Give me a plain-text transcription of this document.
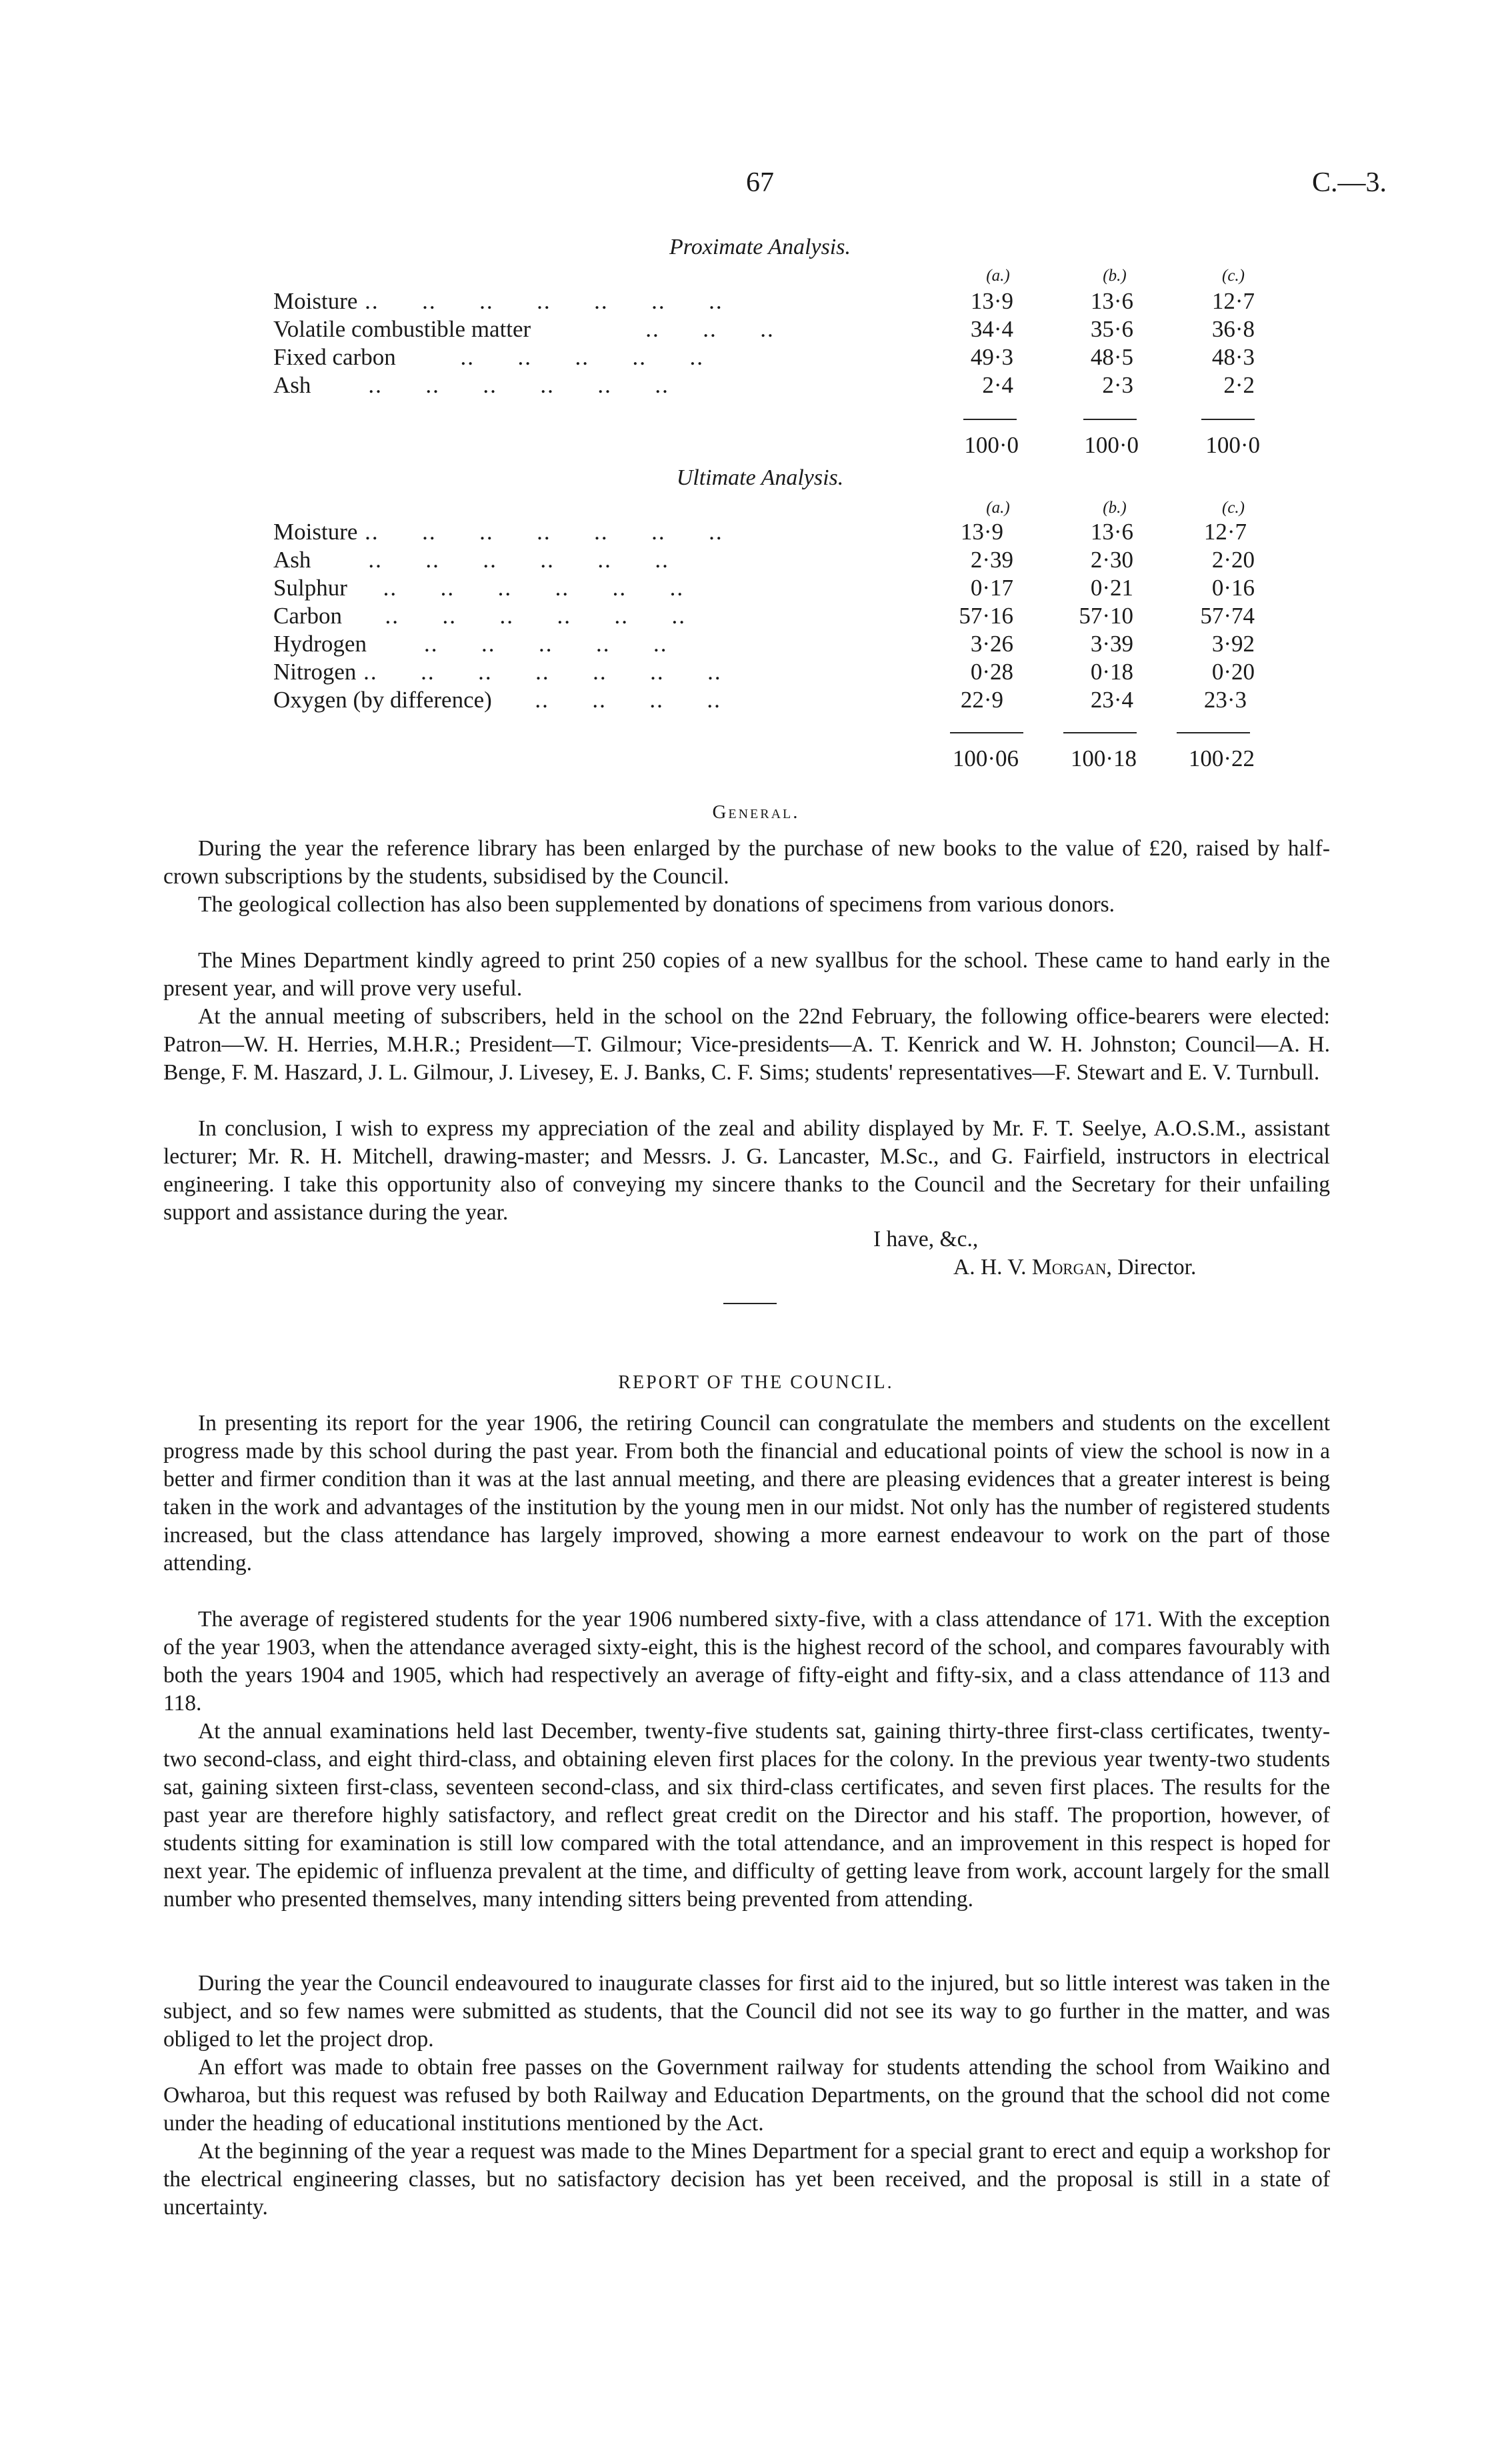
67	C.—3.
Proximate Analysis.
(a.)	(b.)	(c.)
Moisture ..      ..      ..      ..      ..      ..      ..	13·9	13·6	12·7
Volatile combustible matter                ..      ..      ..	34·4	35·6	36·8
Fixed carbon         ..      ..      ..      ..      ..	49·3	48·5	48·3
Ash        ..      ..      ..      ..      ..      ..	2·4	2·3	2·2
100·0	100·0	100·0
Ultimate Analysis.
(a.)	(b.)	(c.)
Moisture ..      ..      ..      ..      ..      ..      ..	13·9	13·6	12·7
Ash        ..      ..      ..      ..      ..      ..	2·39	2·30	2·20
Sulphur     ..      ..      ..      ..      ..      ..	0·17	0·21	0·16
Carbon      ..      ..      ..      ..      ..      ..	57·16	57·10	57·74
Hydrogen        ..      ..      ..      ..      ..	3·26	3·39	3·92
Nitrogen ..      ..      ..      ..      ..      ..      ..	0·28	0·18	0·20
Oxygen (by difference)      ..      ..      ..      ..	22·9	23·4	23·3
100·06	100·18	100·22
General.

During the year the reference library has been enlarged by the purchase of new books to the value of £20, raised by half-crown subscriptions by the students, subsidised by the Council.

The geological collection has also been supplemented by donations of specimens from various donors.

The Mines Department kindly agreed to print 250 copies of a new syallbus for the school. These came to hand early in the present year, and will prove very useful.

At the annual meeting of subscribers, held in the school on the 22nd February, the following office-bearers were elected: Patron—W. H. Herries, M.H.R.; President—T. Gilmour; Vice-presidents—A. T. Kenrick and W. H. Johnston; Council—A. H. Benge, F. M. Haszard, J. L. Gilmour, J. Livesey, E. J. Banks, C. F. Sims; students' representatives—F. Stewart and E. V. Turnbull.

In conclusion, I wish to express my appreciation of the zeal and ability displayed by Mr. F. T. Seelye, A.O.S.M., assistant lecturer; Mr. R. H. Mitchell, drawing-master; and Messrs. J. G. Lancaster, M.Sc., and G. Fairfield, instructors in electrical engineering. I take this opportunity also of conveying my sincere thanks to the Council and the Secretary for their unfailing support and assistance during the year.

I have, &c.,
A. H. V. Morgan, Director.
REPORT OF THE COUNCIL.

In presenting its report for the year 1906, the retiring Council can congratulate the members and students on the excellent progress made by this school during the past year. From both the financial and educational points of view the school is now in a better and firmer condition than it was at the last annual meeting, and there are pleasing evidences that a greater interest is being taken in the work and advantages of the institution by the young men in our midst. Not only has the number of registered students increased, but the class attendance has largely improved, showing a more earnest endeavour to work on the part of those attending.

The average of registered students for the year 1906 numbered sixty-five, with a class attendance of 171. With the exception of the year 1903, when the attendance averaged sixty-eight, this is the highest record of the school, and compares favourably with both the years 1904 and 1905, which had respectively an average of fifty-eight and fifty-six, and a class attendance of 113 and 118.

At the annual examinations held last December, twenty-five students sat, gaining thirty-three first-class certificates, twenty-two second-class, and eight third-class, and obtaining eleven first places for the colony. In the previous year twenty-two students sat, gaining sixteen first-class, seventeen second-class, and six third-class certificates, and seven first places. The results for the past year are therefore highly satisfactory, and reflect great credit on the Director and his staff. The proportion, however, of students sitting for examination is still low compared with the total attendance, and an improvement in this respect is hoped for next year. The epidemic of influenza prevalent at the time, and difficulty of getting leave from work, account largely for the small number who presented themselves, many intending sitters being prevented from attending.

During the year the Council endeavoured to inaugurate classes for first aid to the injured, but so little interest was taken in the subject, and so few names were submitted as students, that the Council did not see its way to go further in the matter, and was obliged to let the project drop.

An effort was made to obtain free passes on the Government railway for students attending the school from Waikino and Owharoa, but this request was refused by both Railway and Education Departments, on the ground that the school did not come under the heading of educational institutions mentioned by the Act.

At the beginning of the year a request was made to the Mines Department for a special grant to erect and equip a workshop for the electrical engineering classes, but no satisfactory decision has yet been received, and the proposal is still in a state of uncertainty.
